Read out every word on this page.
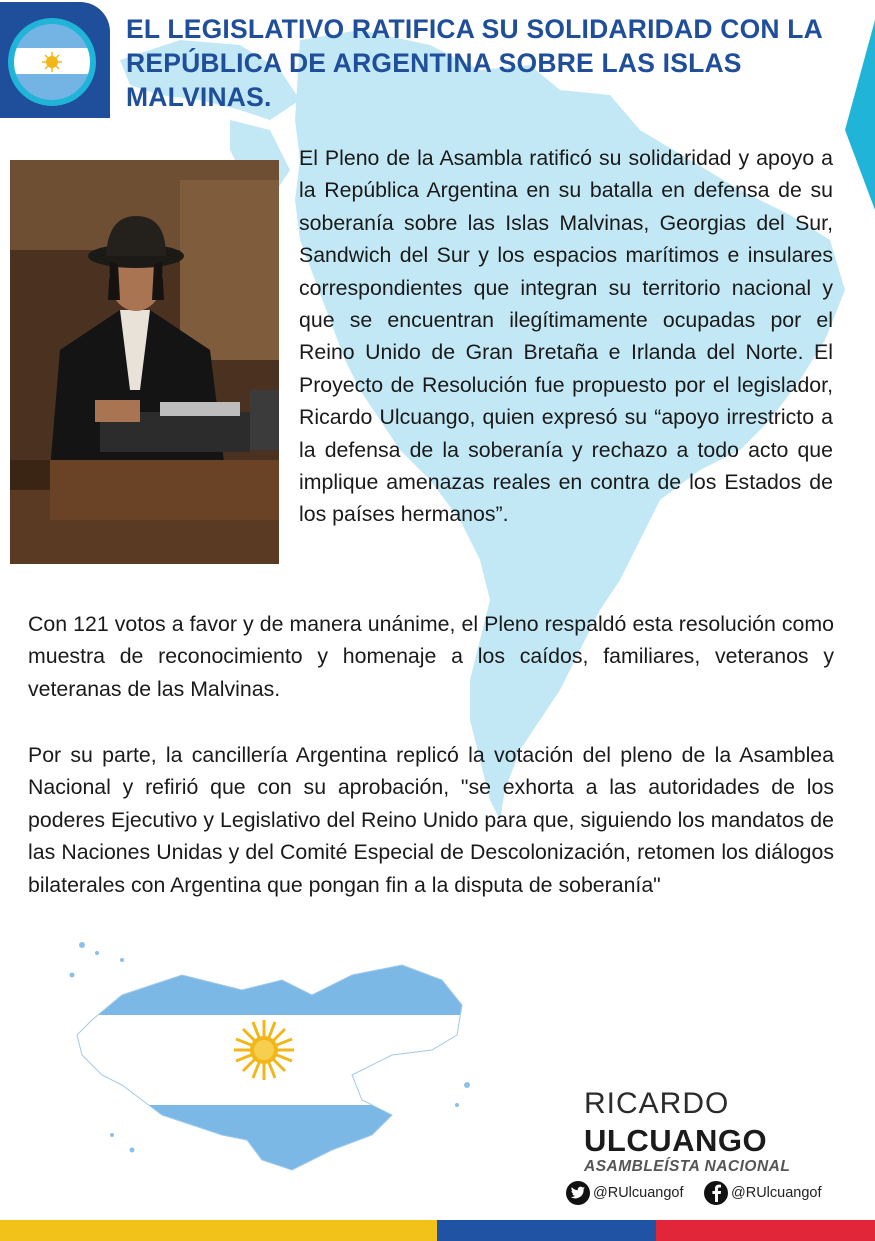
EL LEGISLATIVO RATIFICA SU SOLIDARIDAD CON LA REPÚBLICA DE ARGENTINA SOBRE LAS ISLAS MALVINAS.

El Pleno de la Asambla ratificó su solidaridad y apoyo a la República Argentina en su batalla en defensa de su soberanía sobre las Islas Malvinas, Georgias del Sur, Sandwich del Sur y los espacios marítimos e insulares correspondientes que integran su territorio nacional y que se encuentran ilegítimamente ocupadas por el Reino Unido de Gran Bretaña e Irlanda del Norte. El Proyecto de Resolución fue propuesto por el legislador, Ricardo Ulcuango, quien expresó su “apoyo irrestricto a la defensa de la soberanía y rechazo a todo acto que implique amenazas reales en contra de los Estados de los países hermanos”.

Con 121 votos a favor y de manera unánime, el Pleno respaldó esta resolución como muestra de reconocimiento y homenaje a los caídos, familiares, veteranos y veteranas de las Malvinas.

Por su parte, la cancillería Argentina replicó la votación del pleno de la Asamblea Nacional y refirió que con su aprobación, "se exhorta a las autoridades de los poderes Ejecutivo y Legislativo del Reino Unido para que, siguiendo los mandatos de las Naciones Unidas y del Comité Especial de Descolonización, retomen los diálogos bilaterales con Argentina que pongan fin a la disputa de soberanía"

RICARDO
ULCUANGO
ASAMBLEÍSTA NACIONAL
@RUlcuangof	@RUlcuangof
